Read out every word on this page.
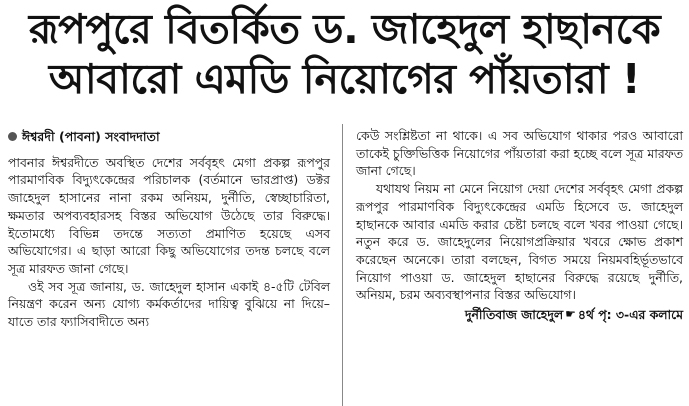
রূপপুরে বিতর্কিত ড. জাহেদুল হাছানকে
আবারো এমডি নিয়োগের পাঁয়তারা !
ঈশ্বরদী (পাবনা) সংবাদদাতা

পাবনার ঈশ্বরদীতে অবস্থিত দেশের সর্ববৃহৎ মেগা প্রকল্প রূপপুর পারমাণবিক বিদ্যুৎকেন্দ্রের পরিচালক (বর্তমানে ভারপ্রাপ্ত) ডক্টর জাহেদুল হাসানের নানা রকম অনিয়ম, দুর্নীতি, স্বেচ্ছাচারিতা, ক্ষমতার অপব্যবহারসহ বিস্তর অভিযোগ উঠেছে তার বিরুদ্ধে। ইতোমধ্যে বিভিন্ন তদন্তে সত্যতা প্রমাণিত হয়েছে এসব অভিযোগের। এ ছাড়া আরো কিছু অভিযোগের তদন্ত চলছে বলে সূত্র মারফত জানা গেছে।

ওই সব সূত্র জানায়, ড. জাহেদুল হাসান একাই ৪-৫টি টেবিল নিয়ন্ত্রণ করেন অন্য যোগ্য কর্মকর্তাদের দায়িত্ব বুঝিয়ে না দিয়ে– যাতে তার ফ্যাসিবাদীতে অন্য

কেউ সংশ্লিষ্টতা না থাকে। এ সব অভিযোগ থাকার পরও আবারো তাকেই চুক্তিভিত্তিক নিয়োগের পাঁয়তারা করা হচ্ছে বলে সূত্র মারফত জানা গেছে।

যথাযথ নিয়ম না মেনে নিয়োগ দেয়া দেশের সর্ববৃহৎ মেগা প্রকল্প রূপপুর পারমাণবিক বিদ্যুৎকেন্দ্রের এমডি হিসেবে ড. জাহেদুল হাছানকে আবার এমডি করার চেষ্টা চলছে বলে খবর পাওয়া গেছে। নতুন করে ড. জাহেদুলের নিয়োগপ্রক্রিয়ার খবরে ক্ষোভ প্রকাশ করেছেন অনেকে। তারা বলছেন, বিগত সময়ে নিয়মবহির্ভূতভাবে নিয়োগ পাওয়া ড. জাহেদুল হাছানের বিরুদ্ধে রয়েছে দুর্নীতি, অনিয়ম, চরম অব্যবস্থাপনার বিস্তর অভিযোগ।

দুর্নীতিবাজ জাহেদুল ☛ ৪র্থ পৃ: ৩-এর কলামে
